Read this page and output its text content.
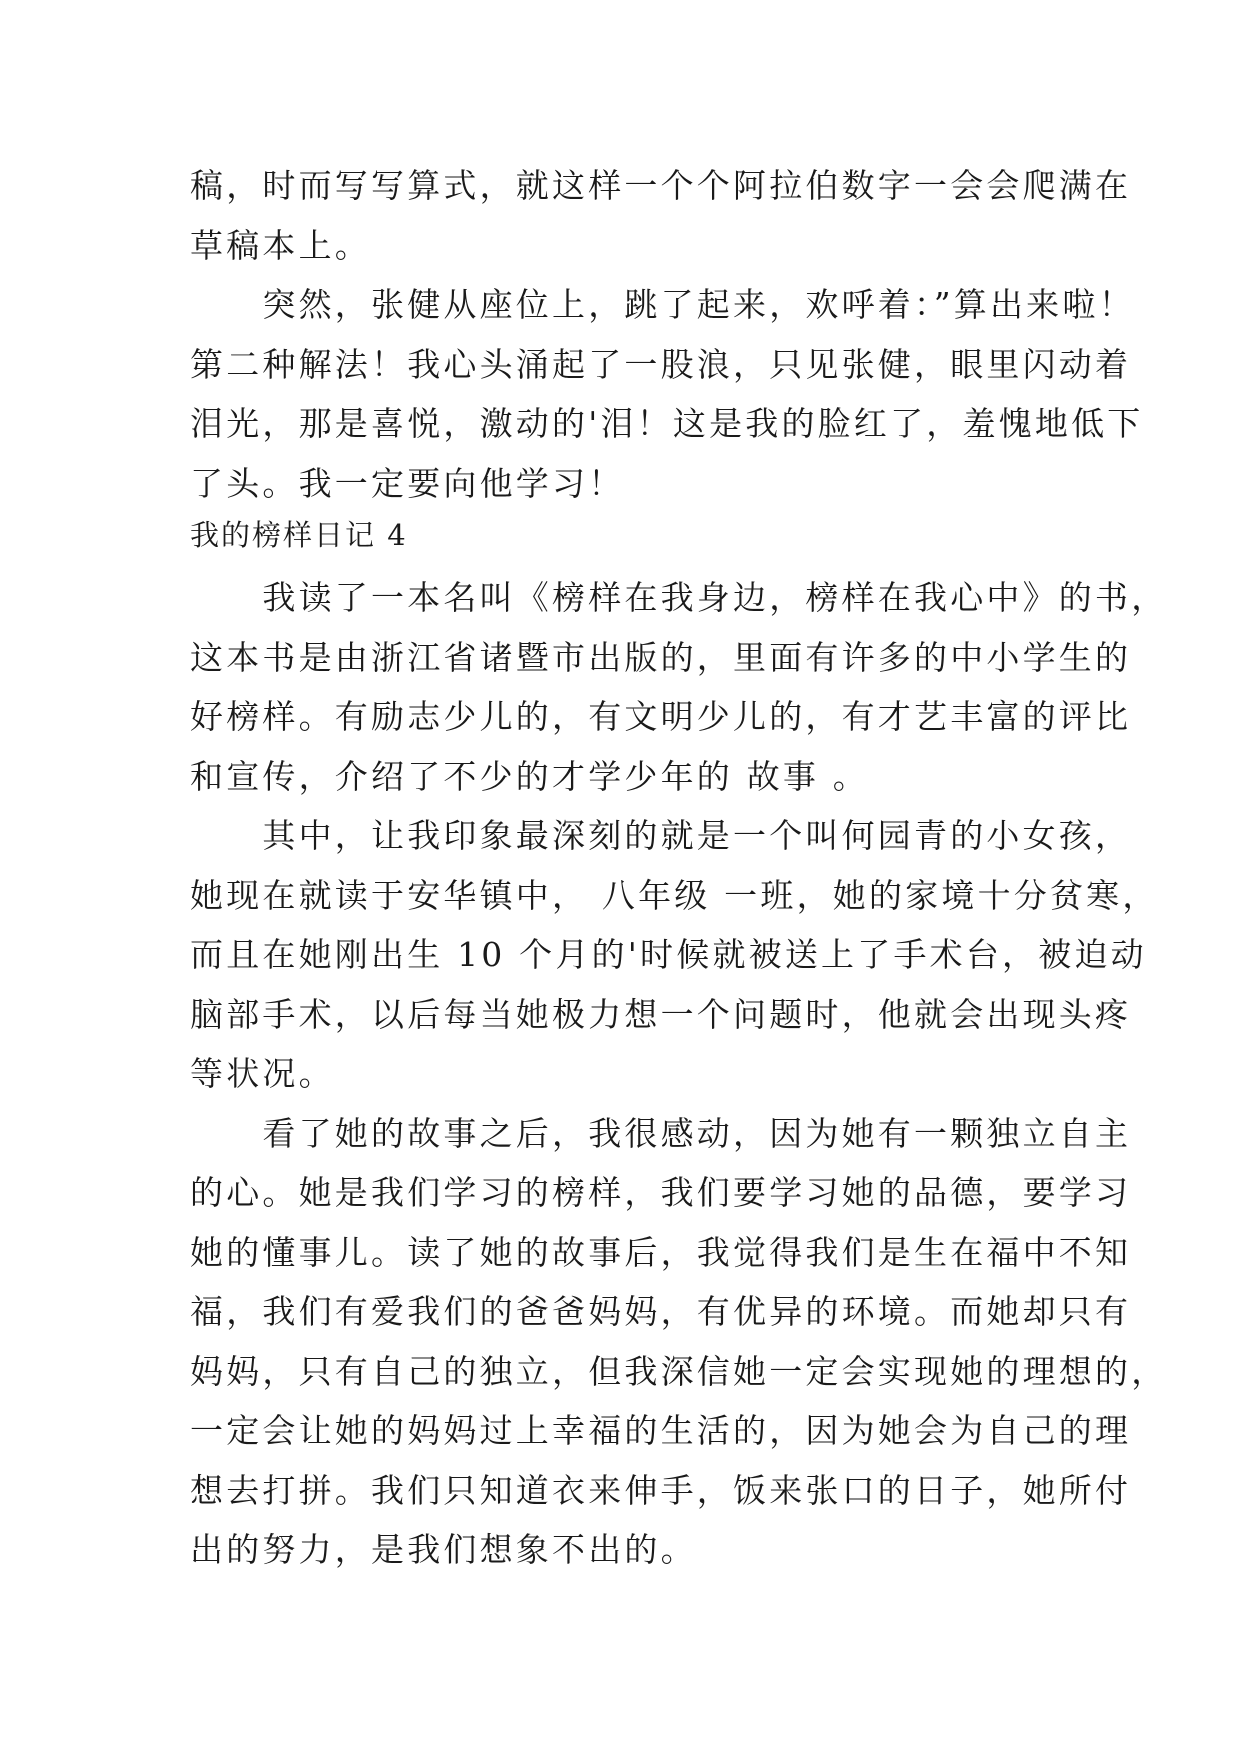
稿，时而写写算式，就这样一个个阿拉伯数字一会会爬满在
草稿本上。
　　突然，张健从座位上，跳了起来，欢呼着：”算出来啦！
第二种解法！我心头涌起了一股浪，只见张健，眼里闪动着
泪光，那是喜悦，激动的'泪！这是我的脸红了，羞愧地低下
了头。我一定要向他学习！
我的榜样日记 4
　　我读了一本名叫《榜样在我身边，榜样在我心中》的书，
这本书是由浙江省诸暨市出版的，里面有许多的中小学生的
好榜样。有励志少儿的，有文明少儿的，有才艺丰富的评比
和宣传，介绍了不少的才学少年的 故事 。
　　其中，让我印象最深刻的就是一个叫何园青的小女孩，
她现在就读于安华镇中， 八年级 一班，她的家境十分贫寒，
而且在她刚出生 10 个月的'时候就被送上了手术台，被迫动
脑部手术，以后每当她极力想一个问题时，他就会出现头疼
等状况。
　　看了她的故事之后，我很感动，因为她有一颗独立自主
的心。她是我们学习的榜样，我们要学习她的品德，要学习
她的懂事儿。读了她的故事后，我觉得我们是生在福中不知
福，我们有爱我们的爸爸妈妈，有优异的环境。而她却只有
妈妈，只有自己的独立，但我深信她一定会实现她的理想的，
一定会让她的妈妈过上幸福的生活的，因为她会为自己的理
想去打拼。我们只知道衣来伸手，饭来张口的日子，她所付
出的努力，是我们想象不出的。
